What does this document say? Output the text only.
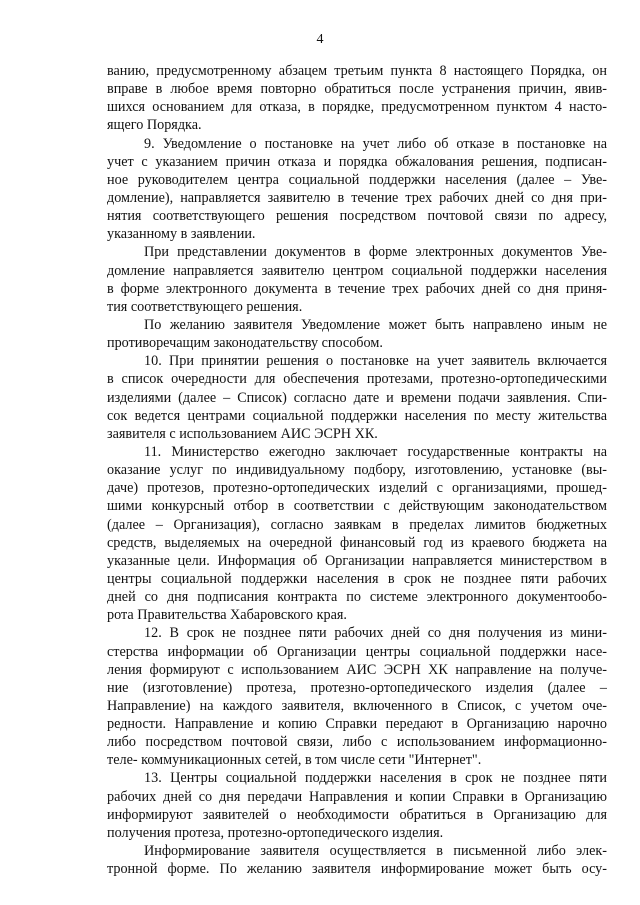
4
ванию, предусмотренному абзацем третьим пункта 8 настоящего Порядка, он
вправе в любое время повторно обратиться после устранения причин, явив-
шихся основанием для отказа, в порядке, предусмотренном пунктом 4 насто-
ящего Порядка.
9. Уведомление о постановке на учет либо об отказе в постановке на
учет с указанием причин отказа и порядка обжалования решения, подписан-
ное руководителем центра социальной поддержки населения (далее – Уве-
домление), направляется заявителю в течение трех рабочих дней со дня при-
нятия соответствующего решения посредством почтовой связи по адресу,
указанному в заявлении.
При представлении документов в форме электронных документов Уве-
домление направляется заявителю центром социальной поддержки населения
в форме электронного документа в течение трех рабочих дней со дня приня-
тия соответствующего решения.
По желанию заявителя Уведомление может быть направлено иным не
противоречащим законодательству способом.
10. При принятии решения о постановке на учет заявитель включается
в список очередности для обеспечения протезами, протезно-ортопедическими
изделиями (далее – Список) согласно дате и времени подачи заявления. Спи-
сок ведется центрами социальной поддержки населения по месту жительства
заявителя с использованием АИС ЭСРН ХК.
11. Министерство ежегодно заключает государственные контракты на
оказание услуг по индивидуальному подбору, изготовлению, установке (вы-
даче) протезов, протезно-ортопедических изделий с организациями, прошед-
шими конкурсный отбор в соответствии с действующим законодательством
(далее – Организация), согласно заявкам в пределах лимитов бюджетных
средств, выделяемых на очередной финансовый год из краевого бюджета на
указанные цели. Информация об Организации направляется министерством в
центры социальной поддержки населения в срок не позднее пяти рабочих
дней со дня подписания контракта по системе электронного документообо-
рота Правительства Хабаровского края.
12. В срок не позднее пяти рабочих дней со дня получения из мини-
стерства информации об Организации центры социальной поддержки насе-
ления формируют с использованием АИС ЭСРН ХК направление на получе-
ние (изготовление) протеза, протезно-ортопедического изделия (далее –
Направление) на каждого заявителя, включенного в Список, с учетом оче-
редности. Направление и копию Справки передают в Организацию нарочно
либо посредством почтовой связи, либо с использованием информационно-
теле- коммуникационных сетей, в том числе сети "Интернет".
13. Центры социальной поддержки населения в срок не позднее пяти
рабочих дней со дня передачи Направления и копии Справки в Организацию
информируют заявителей о необходимости обратиться в Организацию для
получения протеза, протезно-ортопедического изделия.
Информирование заявителя осуществляется в письменной либо элек-
тронной форме. По желанию заявителя информирование может быть осу-
